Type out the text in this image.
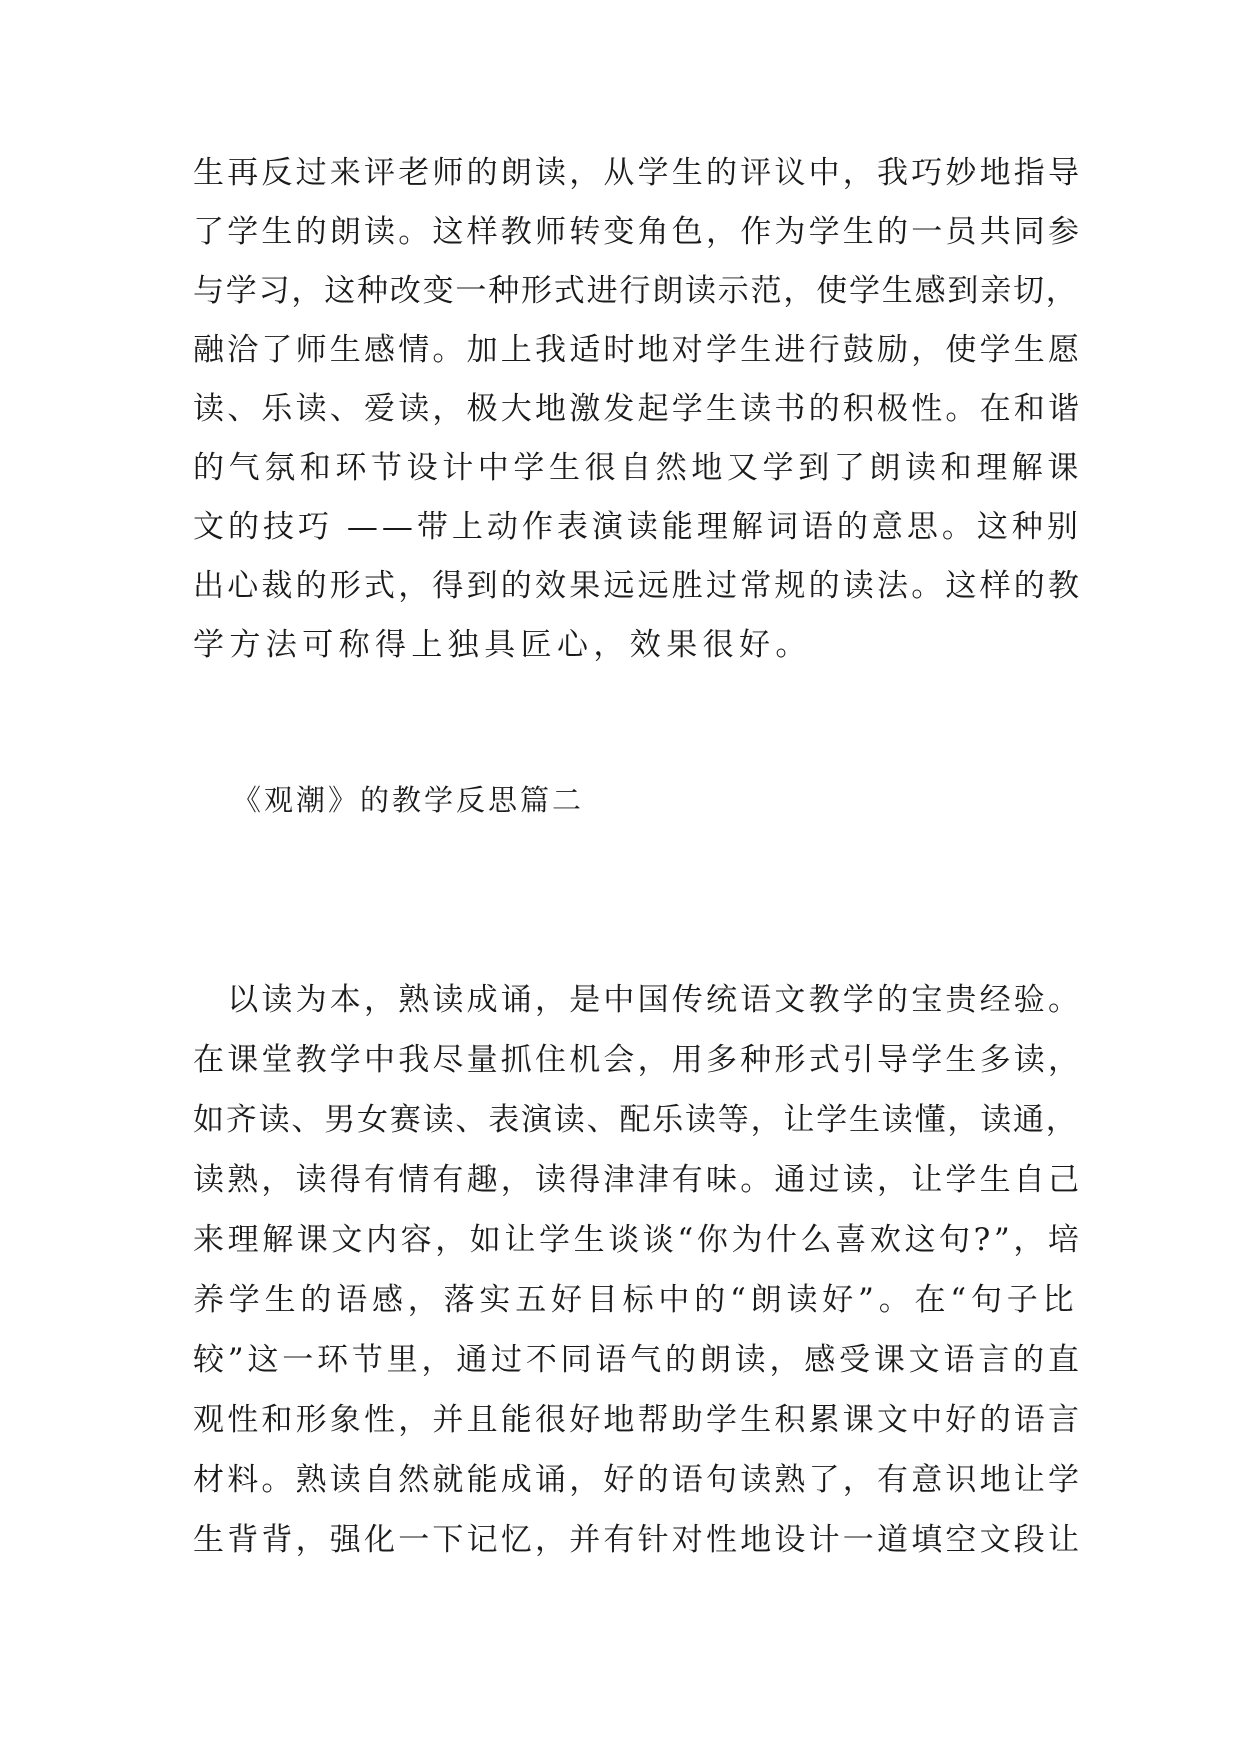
生再反过来评老师的朗读，从学生的评议中，我巧妙地指导
了学生的朗读。这样教师转变角色，作为学生的一员共同参
与学习，这种改变一种形式进行朗读示范，使学生感到亲切，
融洽了师生感情。加上我适时地对学生进行鼓励，使学生愿
读、乐读、爱读，极大地激发起学生读书的积极性。在和谐
的气氛和环节设计中学生很自然地又学到了朗读和理解课
文的技巧 ——带上动作表演读能理解词语的意思。这种别
出心裁的形式，得到的效果远远胜过常规的读法。这样的教
学方法可称得上独具匠心，效果很好。
《观潮》的教学反思篇二
　以读为本，熟读成诵，是中国传统语文教学的宝贵经验。
在课堂教学中我尽量抓住机会，用多种形式引导学生多读，
如齐读、男女赛读、表演读、配乐读等，让学生读懂，读通，
读熟，读得有情有趣，读得津津有味。通过读，让学生自己
来理解课文内容，如让学生谈谈“你为什么喜欢这句?”，培
养学生的语感，落实五好目标中的“朗读好”。在“句子比
较”这一环节里，通过不同语气的朗读，感受课文语言的直
观性和形象性，并且能很好地帮助学生积累课文中好的语言
材料。熟读自然就能成诵，好的语句读熟了，有意识地让学
生背背，强化一下记忆，并有针对性地设计一道填空文段让
